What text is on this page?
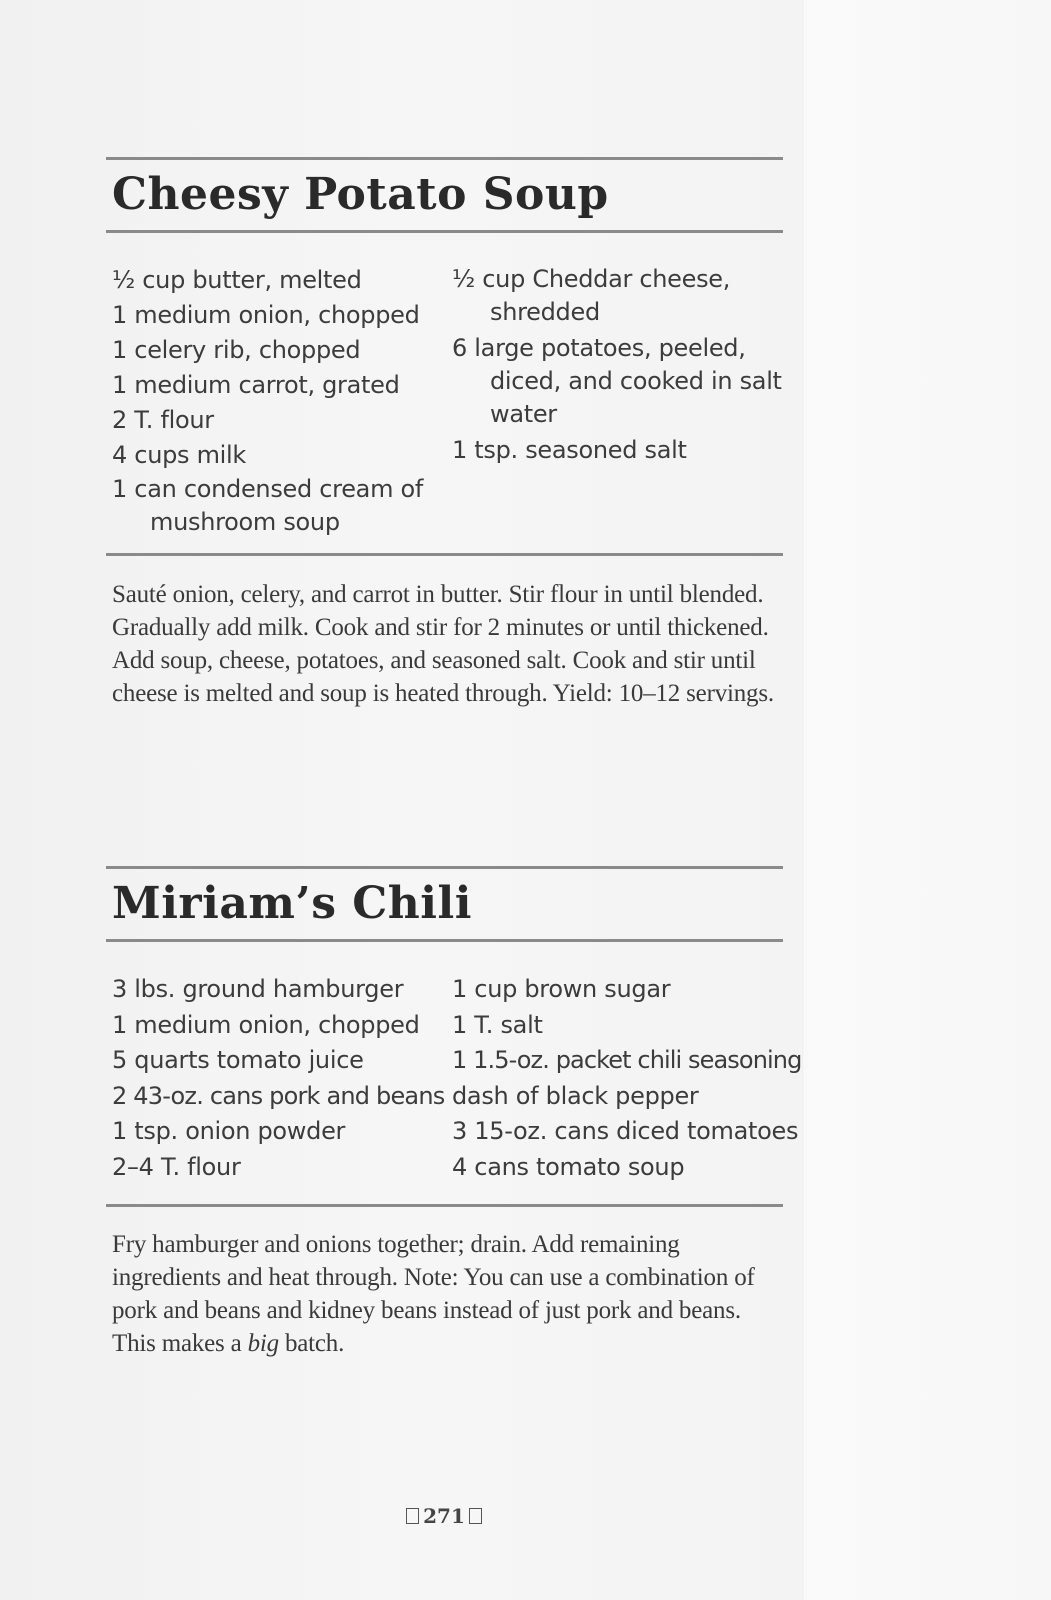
Cheesy Potato Soup
½ cup butter, melted
1 medium onion, chopped
1 celery rib, chopped
1 medium carrot, grated
2 T. flour
4 cups milk
1 can condensed cream of mushroom soup
½ cup Cheddar cheese, shredded
6 large potatoes, peeled, diced, and cooked in salt water
1 tsp. seasoned salt
Sauté onion, celery, and carrot in butter. Stir flour in until blended. Gradually add milk. Cook and stir for 2 minutes or until thickened. Add soup, cheese, potatoes, and seasoned salt. Cook and stir until cheese is melted and soup is heated through. Yield: 10–12 servings.
Miriam’s Chili
3 lbs. ground hamburger
1 medium onion, chopped
5 quarts tomato juice
2 43-oz. cans pork and beans
1 tsp. onion powder
2–4 T. flour
1 cup brown sugar
1 T. salt
1 1.5-oz. packet chili seasoning
dash of black pepper
3 15-oz. cans diced tomatoes
4 cans tomato soup
Fry hamburger and onions together; drain. Add remaining ingredients and heat through. Note: You can use a combination of pork and beans and kidney beans instead of just pork and beans. This makes a big batch.
271
